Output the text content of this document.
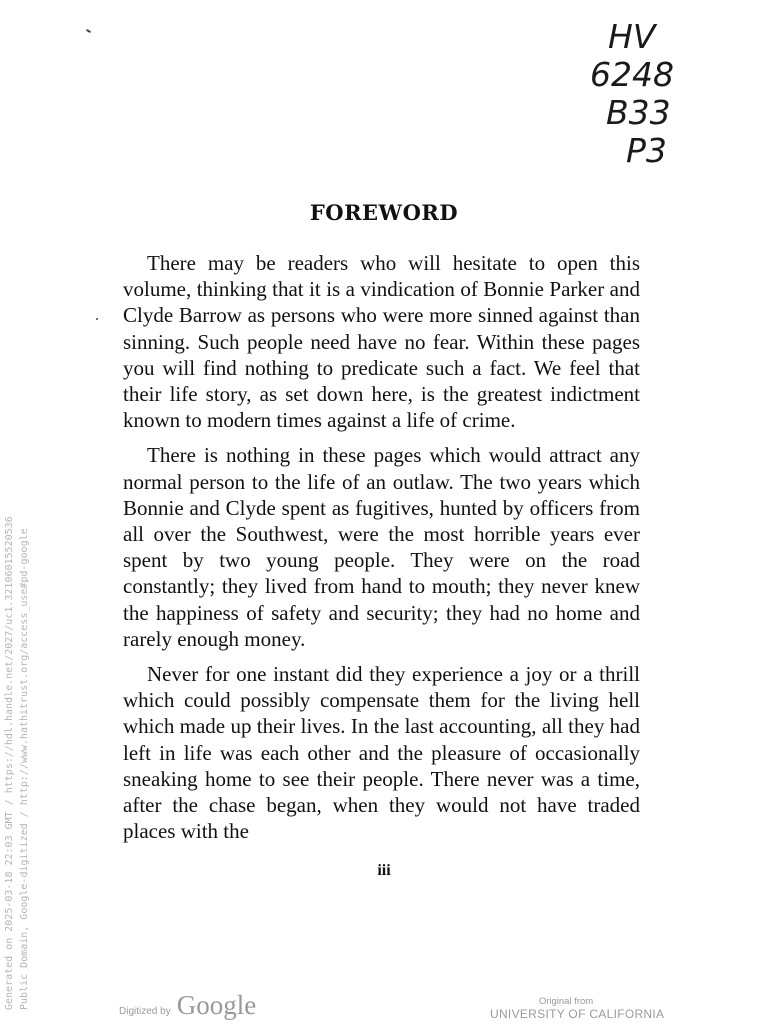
HV
6248
B33
P3
FOREWORD

There may be readers who will hesitate to open this volume, thinking that it is a vindication of Bonnie Parker and Clyde Barrow as persons who were more sinned against than sinning. Such people need have no fear. Within these pages you will find nothing to predicate such a fact. We feel that their life story, as set down here, is the greatest indictment known to modern times against a life of crime.

There is nothing in these pages which would attract any normal person to the life of an outlaw. The two years which Bonnie and Clyde spent as fugitives, hunted by officers from all over the Southwest, were the most horrible years ever spent by two young people. They were on the road constantly; they lived from hand to mouth; they never knew the happiness of safety and security; they had no home and rarely enough money.

Never for one instant did they experience a joy or a thrill which could possibly compensate them for the living hell which made up their lives. In the last accounting, all they had left in life was each other and the pleasure of occasionally sneaking home to see their people. There never was a time, after the chase began, when they would not have traded places with the

iii
Generated on 2025-03-18 22:03 GMT / https://hdl.handle.net/2027/uc1.32106015520536 Public Domain, Google-digitized / http://www.hathitrust.org/access_use#pd-google
Digitized by Google	Original from
UNIVERSITY OF CALIFORNIA
